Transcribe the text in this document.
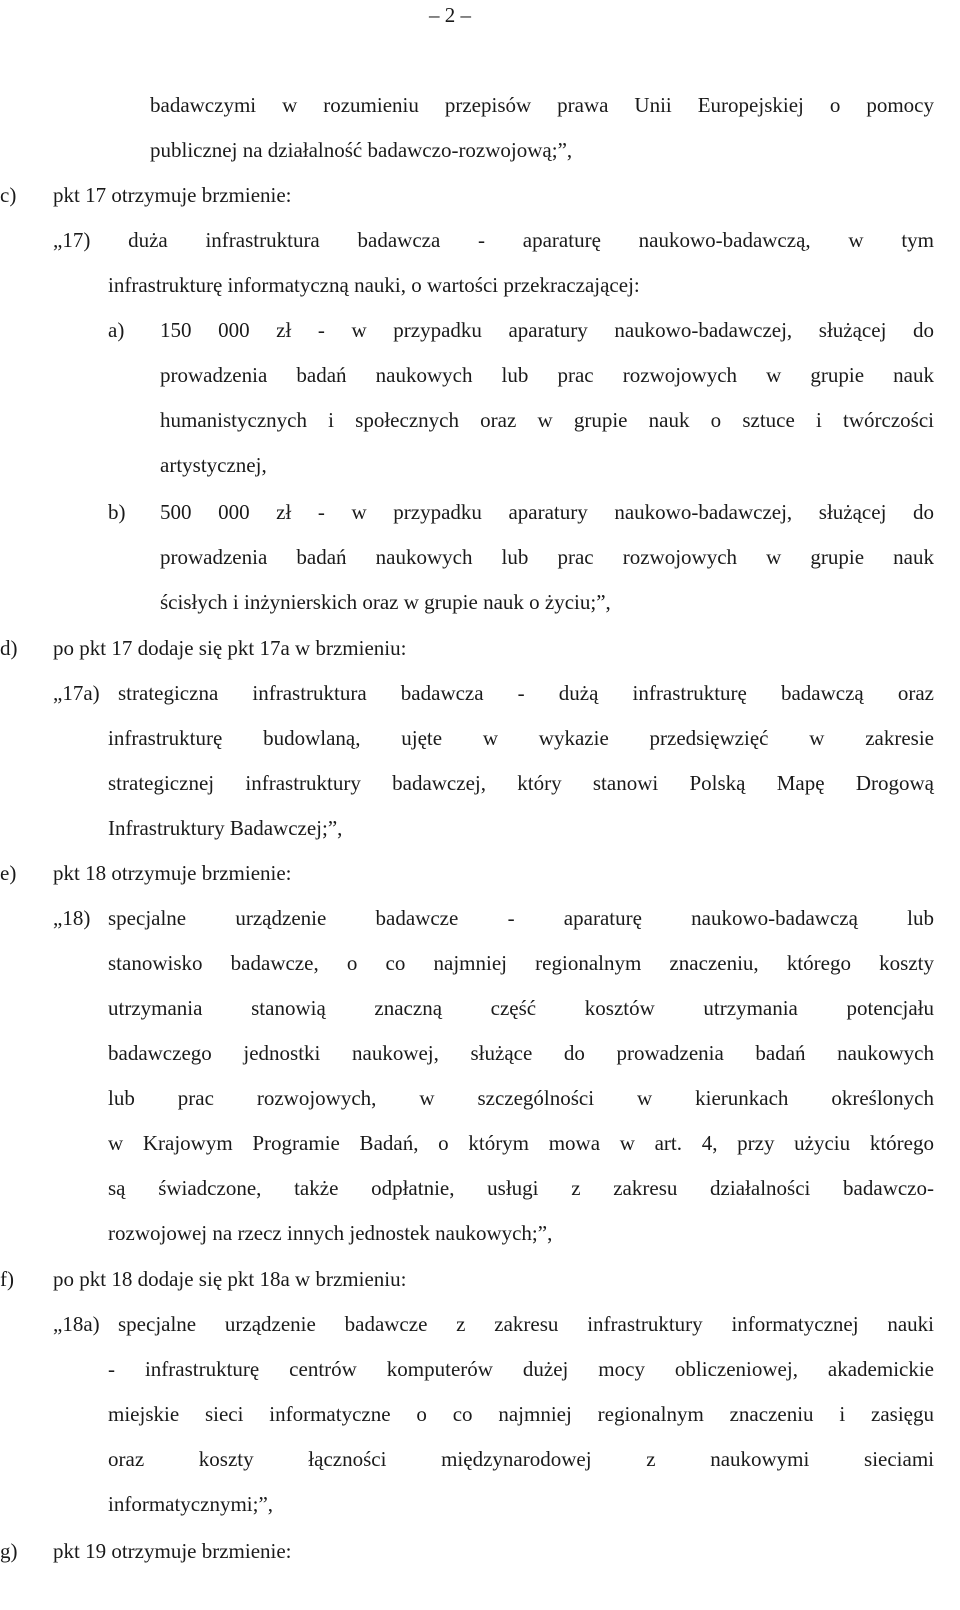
– 2 –
badawczymi w rozumieniu przepisów prawa Unii Europejskiej o pomocy
publicznej na działalność badawczo-rozwojową;”,
c) pkt 17 otrzymuje brzmienie:
„17) duża infrastruktura badawcza - aparaturę naukowo-badawczą, w tym
infrastrukturę informatyczną nauki, o wartości przekraczającej:
a) 150 000 zł - w przypadku aparatury naukowo-badawczej, służącej do
prowadzenia badań naukowych lub prac rozwojowych w grupie nauk
humanistycznych i społecznych oraz w grupie nauk o sztuce i twórczości
artystycznej,
b) 500 000 zł - w przypadku aparatury naukowo-badawczej, służącej do
prowadzenia badań naukowych lub prac rozwojowych w grupie nauk
ścisłych i inżynierskich oraz w grupie nauk o życiu;”,
d) po pkt 17 dodaje się pkt 17a w brzmieniu:
„17a) strategiczna infrastruktura badawcza - dużą infrastrukturę badawczą oraz
infrastrukturę budowlaną, ujęte w wykazie przedsięwzięć w zakresie
strategicznej infrastruktury badawczej, który stanowi Polską Mapę Drogową
Infrastruktury Badawczej;”,
e) pkt 18 otrzymuje brzmienie:
„18) specjalne urządzenie badawcze - aparaturę naukowo-badawczą lub
stanowisko badawcze, o co najmniej regionalnym znaczeniu, którego koszty
utrzymania stanowią znaczną część kosztów utrzymania potencjału
badawczego jednostki naukowej, służące do prowadzenia badań naukowych
lub prac rozwojowych, w szczególności w kierunkach określonych
w Krajowym Programie Badań, o którym mowa w art. 4, przy użyciu którego
są świadczone, także odpłatnie, usługi z zakresu działalności badawczo-
rozwojowej na rzecz innych jednostek naukowych;”,
f) po pkt 18 dodaje się pkt 18a w brzmieniu:
„18a) specjalne urządzenie badawcze z zakresu infrastruktury informatycznej nauki
- infrastrukturę centrów komputerów dużej mocy obliczeniowej, akademickie
miejskie sieci informatyczne o co najmniej regionalnym znaczeniu i zasięgu
oraz koszty łączności międzynarodowej z naukowymi sieciami
informatycznymi;”,
g) pkt 19 otrzymuje brzmienie:
